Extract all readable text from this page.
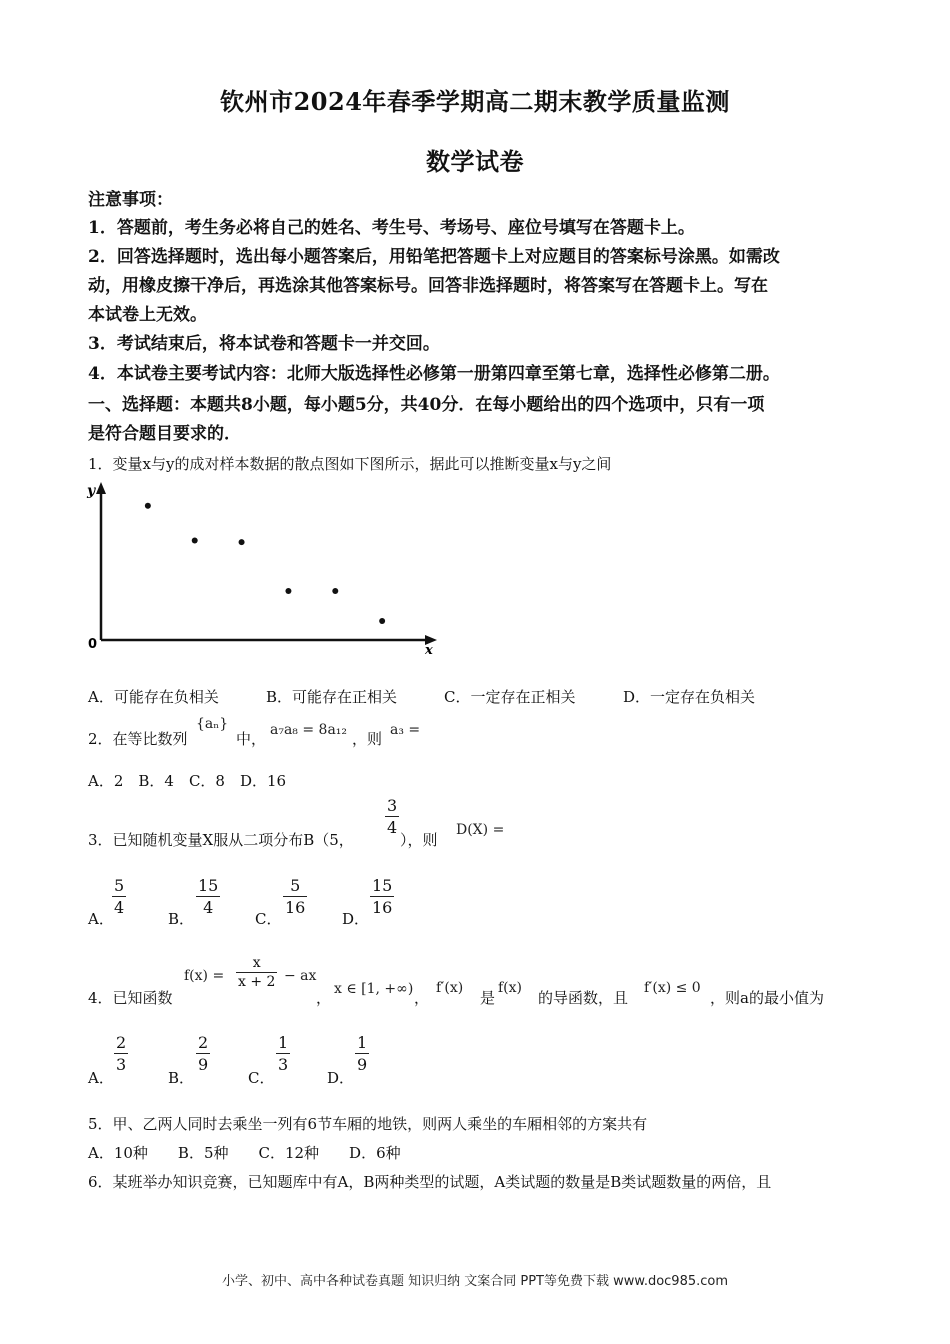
钦州市2024年春季学期高二期末教学质量监测
数学试卷
注意事项：
1．答题前，考生务必将自己的姓名、考生号、考场号、座位号填写在答题卡上。
2．回答选择题时，选出每小题答案后，用铅笔把答题卡上对应题目的答案标号涂黑。如需改
动，用橡皮擦干净后，再选涂其他答案标号。回答非选择题时，将答案写在答题卡上。写在
本试卷上无效。
3．考试结束后，将本试卷和答题卡一并交回。
4．本试卷主要考试内容：北师大版选择性必修第一册第四章至第七章，选择性必修第二册。
一、选择题：本题共8小题，每小题5分，共40分．在每小题给出的四个选项中，只有一项
是符合题目要求的．
1．变量x与y的成对样本数据的散点图如下图所示，据此可以推断变量x与y之间
y
x
0
A．可能存在负相关	B．可能存在正相关	C．一定存在正相关	D．一定存在负相关
2．在等比数列
{aₙ}
中， a₇a₈ = 8a₁₂ ，则 a₃ =
A．2　B．4　C．8　D．16
3．已知随机变量X服从二项分布B（5，
3
4
），则
D(X) =
A．
5
4
B．
15
4
C．
5
16
D．
15
16
4．已知函数
f(x) =
x
x + 2 − ax
， x ∈ [1, +∞) ，
f′(x)
是
f(x)
的导函数，且
f′(x) ≤ 0
，则a的最小值为
A．
2
3
B．
2
9
C．
1
3
D．
1
9
5．甲、乙两人同时去乘坐一列有6节车厢的地铁，则两人乘坐的车厢相邻的方案共有
A．10种　　B．5种　　C．12种　　D．6种
6．某班举办知识竞赛，已知题库中有A，B两种类型的试题，A类试题的数量是B类试题数量的两倍，且
小学、初中、高中各种试卷真题 知识归纳 文案合同 PPT等免费下载 www.doc985.com
